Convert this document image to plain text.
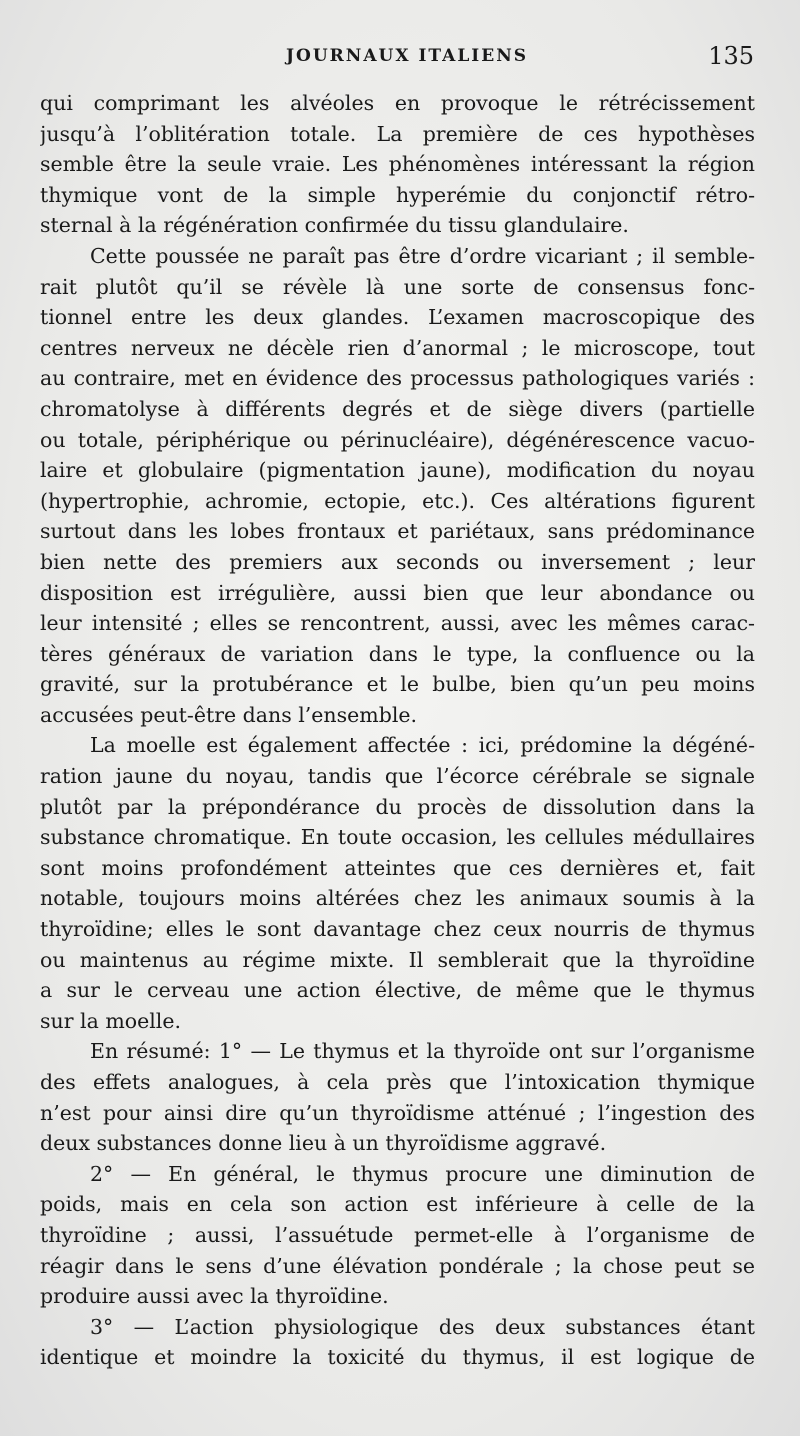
JOURNAUX ITALIENS	135
qui comprimant les alvéoles en provoque le rétrécissement
jusqu’à l’oblitération totale. La première de ces hypothèses
semble être la seule vraie. Les phénomènes intéressant la région
thymique vont de la simple hyperémie du conjonctif rétro-
sternal à la régénération confirmée du tissu glandulaire.
Cette poussée ne paraît pas être d’ordre vicariant ; il semble-
rait plutôt qu’il se révèle là une sorte de consensus fonc-
tionnel entre les deux glandes. L’examen macroscopique des
centres nerveux ne décèle rien d’anormal ; le microscope, tout
au contraire, met en évidence des processus pathologiques variés :
chromatolyse à différents degrés et de siège divers (partielle
ou totale, périphérique ou périnucléaire), dégénérescence vacuo-
laire et globulaire (pigmentation jaune), modification du noyau
(hypertrophie, achromie, ectopie, etc.). Ces altérations figurent
surtout dans les lobes frontaux et pariétaux, sans prédominance
bien nette des premiers aux seconds ou inversement ; leur
disposition est irrégulière, aussi bien que leur abondance ou
leur intensité ; elles se rencontrent, aussi, avec les mêmes carac-
tères généraux de variation dans le type, la confluence ou la
gravité, sur la protubérance et le bulbe, bien qu’un peu moins
accusées peut-être dans l’ensemble.
La moelle est également affectée : ici, prédomine la dégéné-
ration jaune du noyau, tandis que l’écorce cérébrale se signale
plutôt par la prépondérance du procès de dissolution dans la
substance chromatique. En toute occasion, les cellules médullaires
sont moins profondément atteintes que ces dernières et, fait
notable, toujours moins altérées chez les animaux soumis à la
thyroïdine; elles le sont davantage chez ceux nourris de thymus
ou maintenus au régime mixte. Il semblerait que la thyroïdine
a sur le cerveau une action élective, de même que le thymus
sur la moelle.
En résumé: 1° — Le thymus et la thyroïde ont sur l’organisme
des effets analogues, à cela près que l’intoxication thymique
n’est pour ainsi dire qu’un thyroïdisme atténué ; l’ingestion des
deux substances donne lieu à un thyroïdisme aggravé.
2° — En général, le thymus procure une diminution de
poids, mais en cela son action est inférieure à celle de la
thyroïdine ; aussi, l’assuétude permet-elle à l’organisme de
réagir dans le sens d’une élévation pondérale ; la chose peut se
produire aussi avec la thyroïdine.
3° — L’action physiologique des deux substances étant
identique et moindre la toxicité du thymus, il est logique de
